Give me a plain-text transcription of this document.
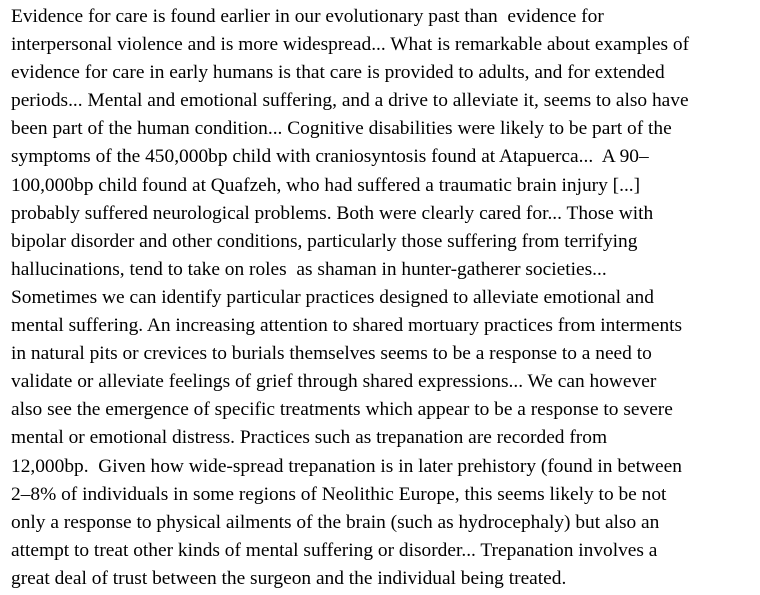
Evidence for care is found earlier in our evolutionary past than  evidence for
interpersonal violence and is more widespread... What is remarkable about examples of
evidence for care in early humans is that care is provided to adults, and for extended
periods... Mental and emotional suffering, and a drive to alleviate it, seems to also have
been part of the human condition... Cognitive disabilities were likely to be part of the
symptoms of the 450,000bp child with craniosyntosis found at Atapuerca...  A 90–
100,000bp child found at Quafzeh, who had suffered a traumatic brain injury [...]
probably suffered neurological problems. Both were clearly cared for... Those with
bipolar disorder and other conditions, particularly those suffering from terrifying
hallucinations, tend to take on roles  as shaman in hunter-gatherer societies...
Sometimes we can identify particular practices designed to alleviate emotional and
mental suffering. An increasing attention to shared mortuary practices from interments
in natural pits or crevices to burials themselves seems to be a response to a need to
validate or alleviate feelings of grief through shared expressions... We can however
also see the emergence of specific treatments which appear to be a response to severe
mental or emotional distress. Practices such as trepanation are recorded from
12,000bp.  Given how wide-spread trepanation is in later prehistory (found in between
2–8% of individuals in some regions of Neolithic Europe, this seems likely to be not
only a response to physical ailments of the brain (such as hydrocephaly) but also an
attempt to treat other kinds of mental suffering or disorder... Trepanation involves a
great deal of trust between the surgeon and the individual being treated.
